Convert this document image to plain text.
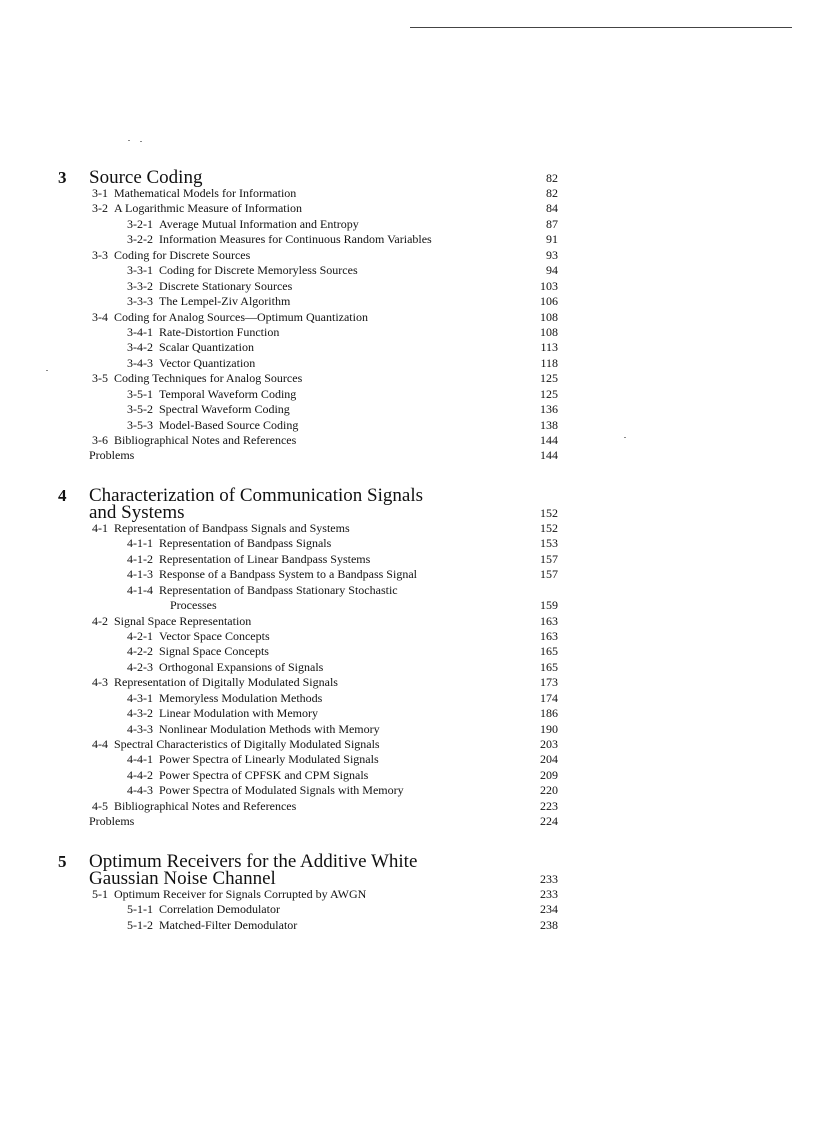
3 Source Coding	82
3-1 Mathematical Models for Information	82
3-2 A Logarithmic Measure of Information	84
3-2-1 Average Mutual Information and Entropy	87
3-2-2 Information Measures for Continuous Random Variables	91
3-3 Coding for Discrete Sources	93
3-3-1 Coding for Discrete Memoryless Sources	94
3-3-2 Discrete Stationary Sources	103
3-3-3 The Lempel-Ziv Algorithm	106
3-4 Coding for Analog Sources—Optimum Quantization	108
3-4-1 Rate-Distortion Function	108
3-4-2 Scalar Quantization	113
3-4-3 Vector Quantization	118
3-5 Coding Techniques for Analog Sources	125
3-5-1 Temporal Waveform Coding	125
3-5-2 Spectral Waveform Coding	136
3-5-3 Model-Based Source Coding	138
3-6 Bibliographical Notes and References	144
Problems	144
4 Characterization of Communication Signals
and Systems	152
4-1 Representation of Bandpass Signals and Systems	152
4-1-1 Representation of Bandpass Signals	153
4-1-2 Representation of Linear Bandpass Systems	157
4-1-3 Response of a Bandpass System to a Bandpass Signal	157
4-1-4 Representation of Bandpass Stationary Stochastic
Processes	159
4-2 Signal Space Representation	163
4-2-1 Vector Space Concepts	163
4-2-2 Signal Space Concepts	165
4-2-3 Orthogonal Expansions of Signals	165
4-3 Representation of Digitally Modulated Signals	173
4-3-1 Memoryless Modulation Methods	174
4-3-2 Linear Modulation with Memory	186
4-3-3 Nonlinear Modulation Methods with Memory	190
4-4 Spectral Characteristics of Digitally Modulated Signals	203
4-4-1 Power Spectra of Linearly Modulated Signals	204
4-4-2 Power Spectra of CPFSK and CPM Signals	209
4-4-3 Power Spectra of Modulated Signals with Memory	220
4-5 Bibliographical Notes and References	223
Problems	224
5 Optimum Receivers for the Additive White
Gaussian Noise Channel	233
5-1 Optimum Receiver for Signals Corrupted by AWGN	233
5-1-1 Correlation Demodulator	234
5-1-2 Matched-Filter Demodulator	238
